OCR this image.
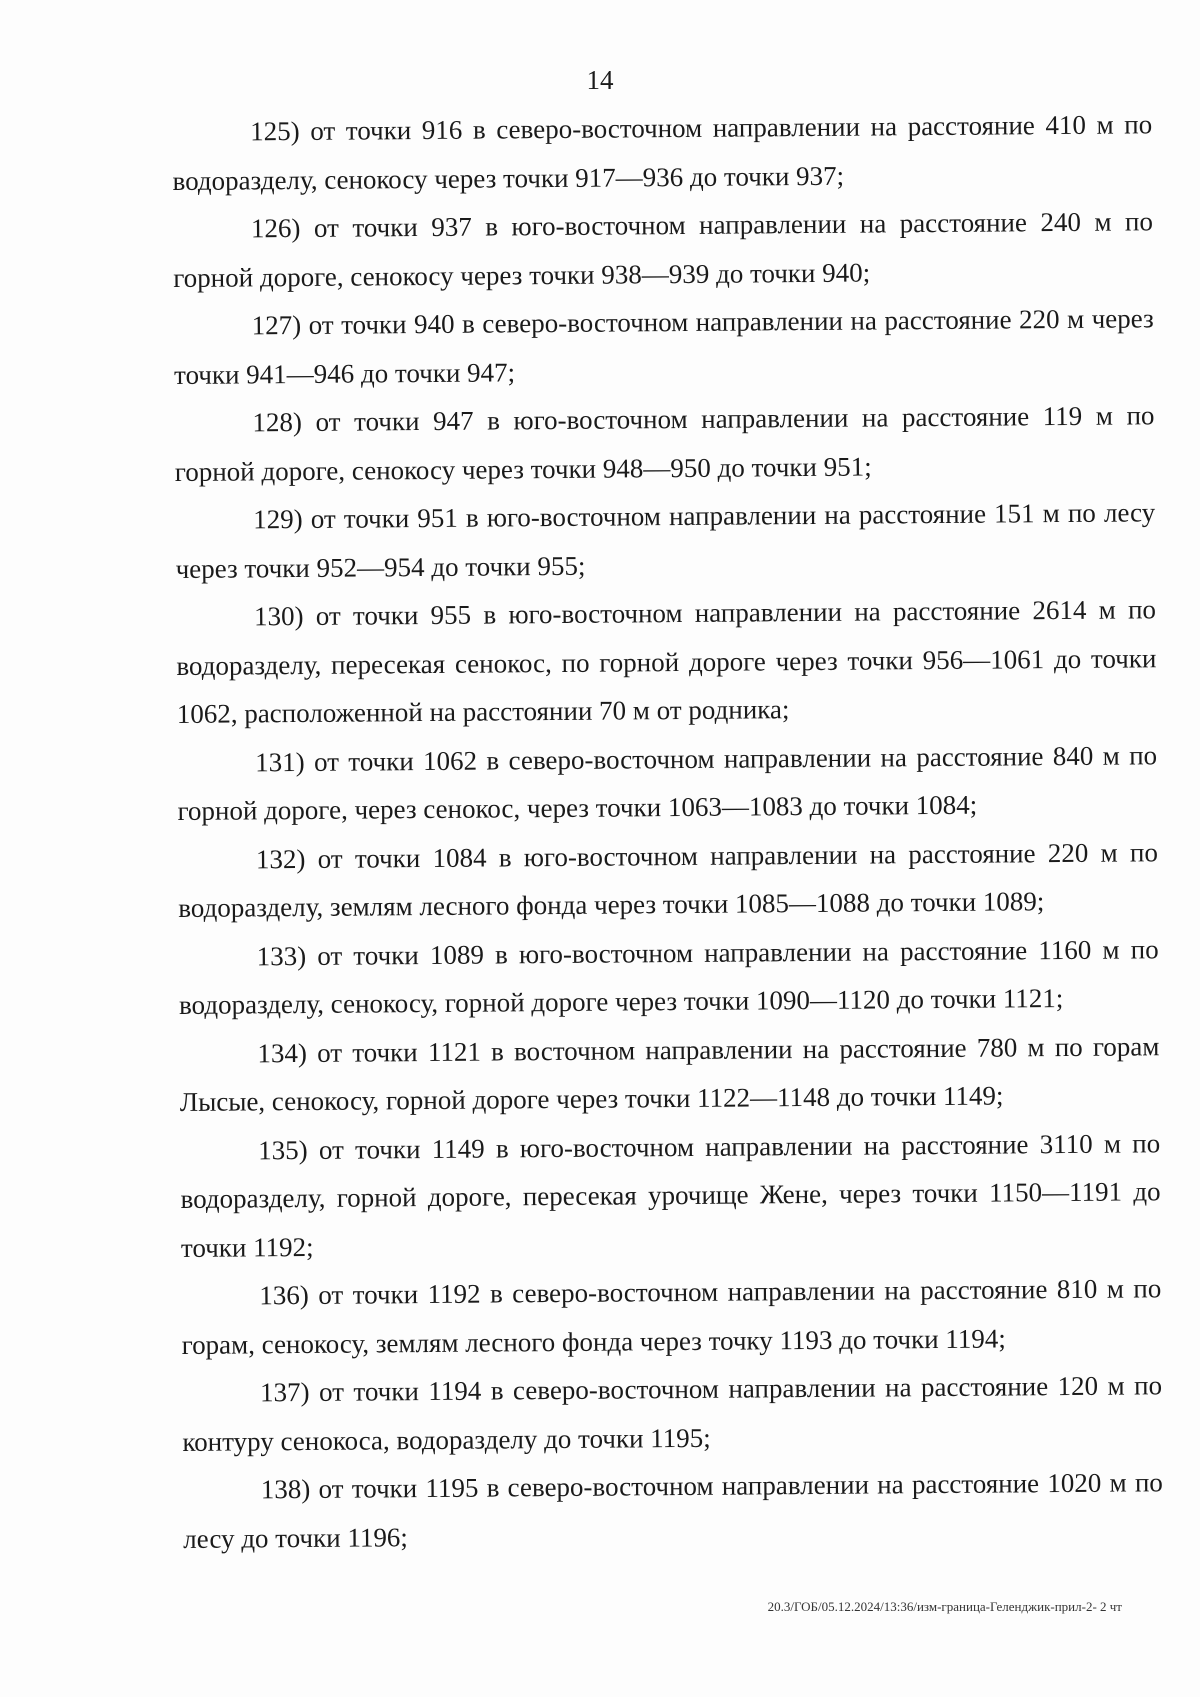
14

125) от точки 916 в северо-восточном направлении на расстояние 410 м по водоразделу, сенокосу через точки 917—936 до точки 937;

126) от точки 937 в юго-восточном направлении на расстояние 240 м по горной дороге, сенокосу через точки 938—939 до точки 940;

127) от точки 940 в северо-восточном направлении на расстояние 220 м через точки 941—946 до точки 947;

128) от точки 947 в юго-восточном направлении на расстояние 119 м по горной дороге, сенокосу через точки 948—950 до точки 951;

129) от точки 951 в юго-восточном направлении на расстояние 151 м по лесу через точки 952—954 до точки 955;

130) от точки 955 в юго-восточном направлении на расстояние 2614 м по водоразделу, пересекая сенокос, по горной дороге через точки 956—1061 до точки 1062, расположенной на расстоянии 70 м от родника;

131) от точки 1062 в северо-восточном направлении на расстояние 840 м по горной дороге, через сенокос, через точки 1063—1083 до точки 1084;

132) от точки 1084 в юго-восточном направлении на расстояние 220 м по водоразделу, землям лесного фонда через точки 1085—1088 до точки 1089;

133) от точки 1089 в юго-восточном направлении на расстояние 1160 м по водоразделу, сенокосу, горной дороге через точки 1090—1120 до точки 1121;

134) от точки 1121 в восточном направлении на расстояние 780 м по горам Лысые, сенокосу, горной дороге через точки 1122—1148 до точки 1149;

135) от точки 1149 в юго-восточном направлении на расстояние 3110 м по водоразделу, горной дороге, пересекая урочище Жене, через точки 1150—1191 до точки 1192;

136) от точки 1192 в северо-восточном направлении на расстояние 810 м по горам, сенокосу, землям лесного фонда через точку 1193 до точки 1194;

137) от точки 1194 в северо-восточном направлении на расстояние 120 м по контуру сенокоса, водоразделу до точки 1195;

138) от точки 1195 в северо-восточном направлении на расстояние 1020 м по лесу до точки 1196;

20.3/ГОБ/05.12.2024/13:36/изм-граница-Геленджик-прил-2- 2 чт
